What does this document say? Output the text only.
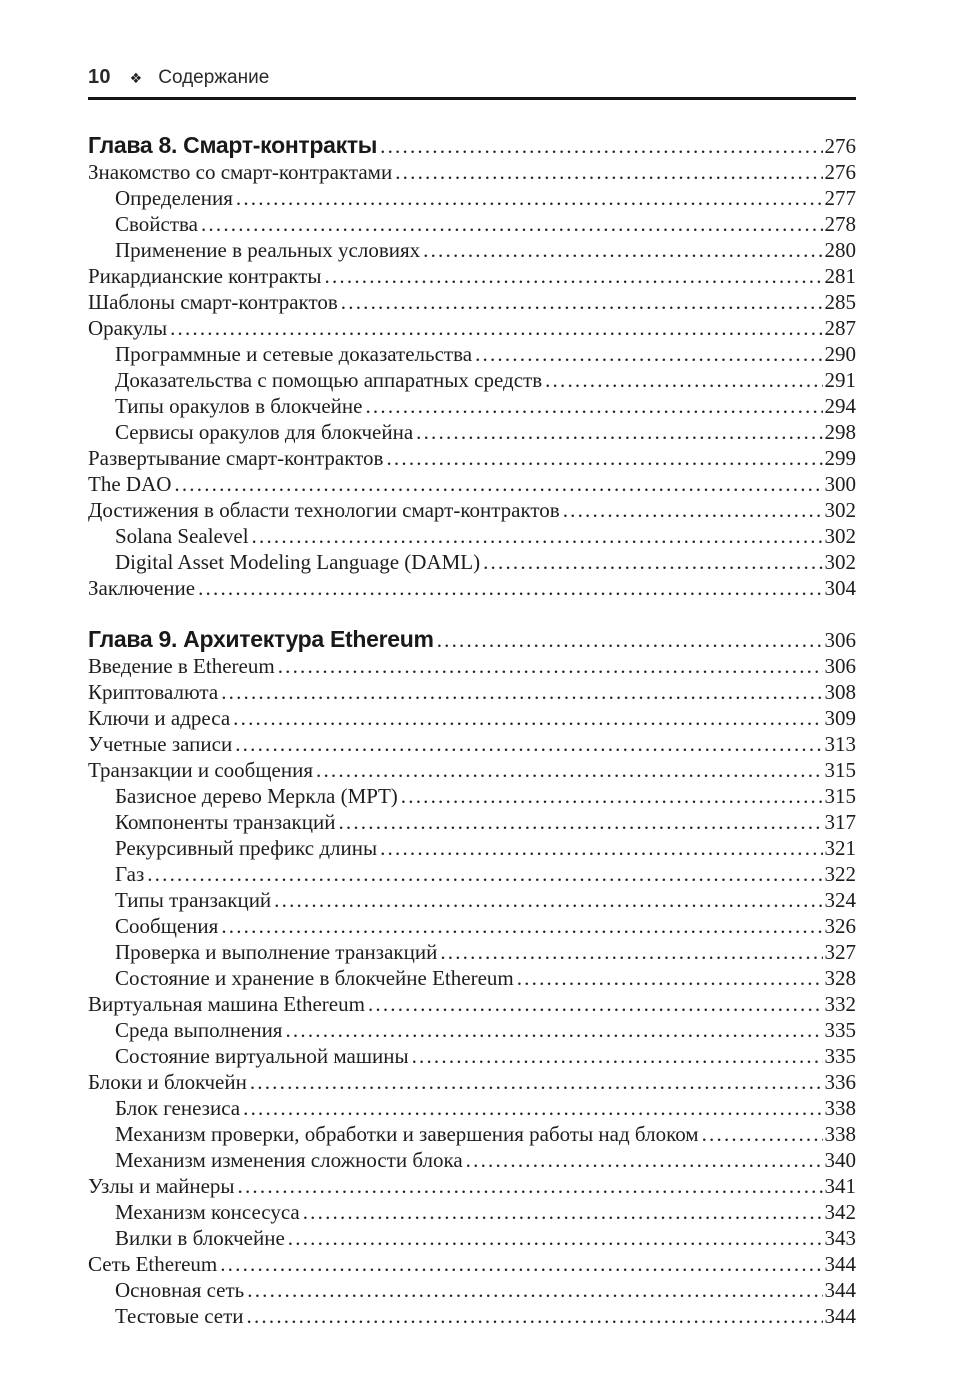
10 ❖ Содержание
Глава 8. Смарт-контракты .....	276
Знакомство со смарт-контрактами .....	276
Определения .....	277
Свойства .....	278
Применение в реальных условиях .....	280
Рикардианские контракты .....	281
Шаблоны смарт-контрактов .....	285
Оракулы .....	287
Программные и сетевые доказательства .....	290
Доказательства с помощью аппаратных средств .....	291
Типы оракулов в блокчейне .....	294
Сервисы оракулов для блокчейна .....	298
Развертывание смарт-контрактов .....	299
The DAO .....	300
Достижения в области технологии смарт-контрактов .....	302
Solana Sealevel .....	302
Digital Asset Modeling Language (DAML) .....	302
Заключение .....	304
Глава 9. Архитектура Ethereum .....	306
Введение в Ethereum .....	306
Криптовалюта .....	308
Ключи и адреса .....	309
Учетные записи .....	313
Транзакции и сообщения .....	315
Базисное дерево Меркла (MPT) .....	315
Компоненты транзакций .....	317
Рекурсивный префикс длины .....	321
Газ .....	322
Типы транзакций .....	324
Сообщения .....	326
Проверка и выполнение транзакций .....	327
Состояние и хранение в блокчейне Ethereum .....	328
Виртуальная машина Ethereum .....	332
Среда выполнения .....	335
Состояние виртуальной машины .....	335
Блоки и блокчейн .....	336
Блок генезиса .....	338
Механизм проверки, обработки и завершения работы над блоком .....	338
Механизм изменения сложности блока .....	340
Узлы и майнеры .....	341
Механизм консесуса .....	342
Вилки в блокчейне .....	343
Сеть Ethereum .....	344
Основная сеть .....	344
Тестовые сети .....	344
